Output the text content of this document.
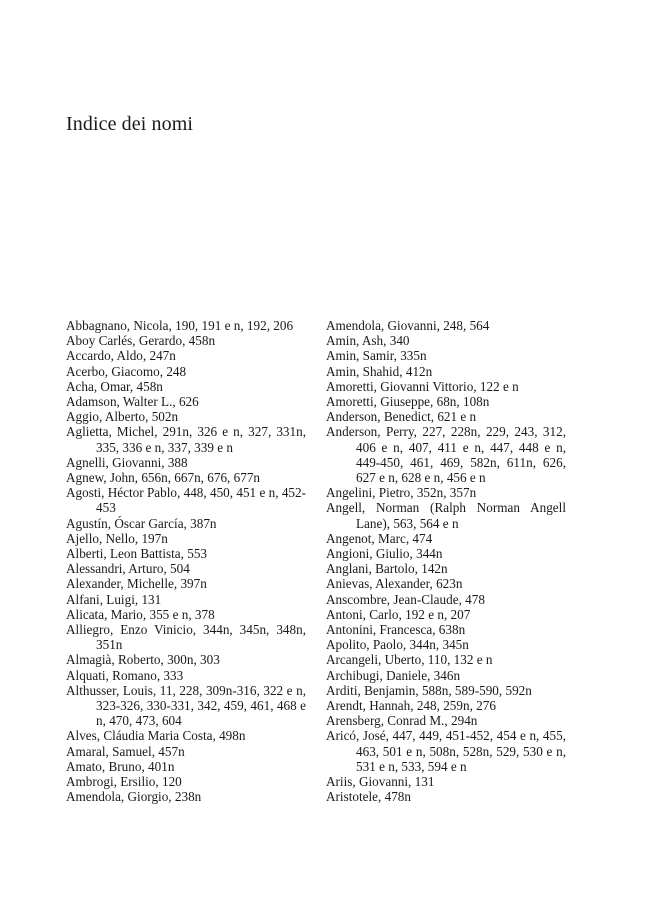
Indice dei nomi
Abbagnano, Nicola, 190, 191 e n, 192, 206
Aboy Carlés, Gerardo, 458n
Accardo, Aldo, 247n
Acerbo, Giacomo, 248
Acha, Omar, 458n
Adamson, Walter L., 626
Aggio, Alberto, 502n
Aglietta, Michel, 291n, 326 e n, 327, 331n, 335, 336 e n, 337, 339 e n
Agnelli, Giovanni, 388
Agnew, John, 656n, 667n, 676, 677n
Agosti, Héctor Pablo, 448, 450, 451 e n, 452-453
Agustín, Óscar García, 387n
Ajello, Nello, 197n
Alberti, Leon Battista, 553
Alessandri, Arturo, 504
Alexander, Michelle, 397n
Alfani, Luigi, 131
Alicata, Mario, 355 e n, 378
Alliegro, Enzo Vinicio, 344n, 345n, 348n, 351n
Almagià, Roberto, 300n, 303
Alquati, Romano, 333
Althusser, Louis, 11, 228, 309n-316, 322 e n, 323-326, 330-331, 342, 459, 461, 468 e n, 470, 473, 604
Alves, Cláudia Maria Costa, 498n
Amaral, Samuel, 457n
Amato, Bruno, 401n
Ambrogi, Ersilio, 120
Amendola, Giorgio, 238n
Amendola, Giovanni, 248, 564
Amin, Ash, 340
Amin, Samir, 335n
Amin, Shahid, 412n
Amoretti, Giovanni Vittorio, 122 e n
Amoretti, Giuseppe, 68n, 108n
Anderson, Benedict, 621 e n
Anderson, Perry, 227, 228n, 229, 243, 312, 406 e n, 407, 411 e n, 447, 448 e n, 449-450, 461, 469, 582n, 611n, 626, 627 e n, 628 e n, 456 e n
Angelini, Pietro, 352n, 357n
Angell, Norman (Ralph Norman Angell Lane), 563, 564 e n
Angenot, Marc, 474
Angioni, Giulio, 344n
Anglani, Bartolo, 142n
Anievas, Alexander, 623n
Anscombre, Jean-Claude, 478
Antoni, Carlo, 192 e n, 207
Antonini, Francesca, 638n
Apolito, Paolo, 344n, 345n
Arcangeli, Uberto, 110, 132 e n
Archibugi, Daniele, 346n
Arditi, Benjamin, 588n, 589-590, 592n
Arendt, Hannah, 248, 259n, 276
Arensberg, Conrad M., 294n
Aricó, José, 447, 449, 451-452, 454 e n, 455, 463, 501 e n, 508n, 528n, 529, 530 e n, 531 e n, 533, 594 e n
Ariis, Giovanni, 131
Aristotele, 478n
